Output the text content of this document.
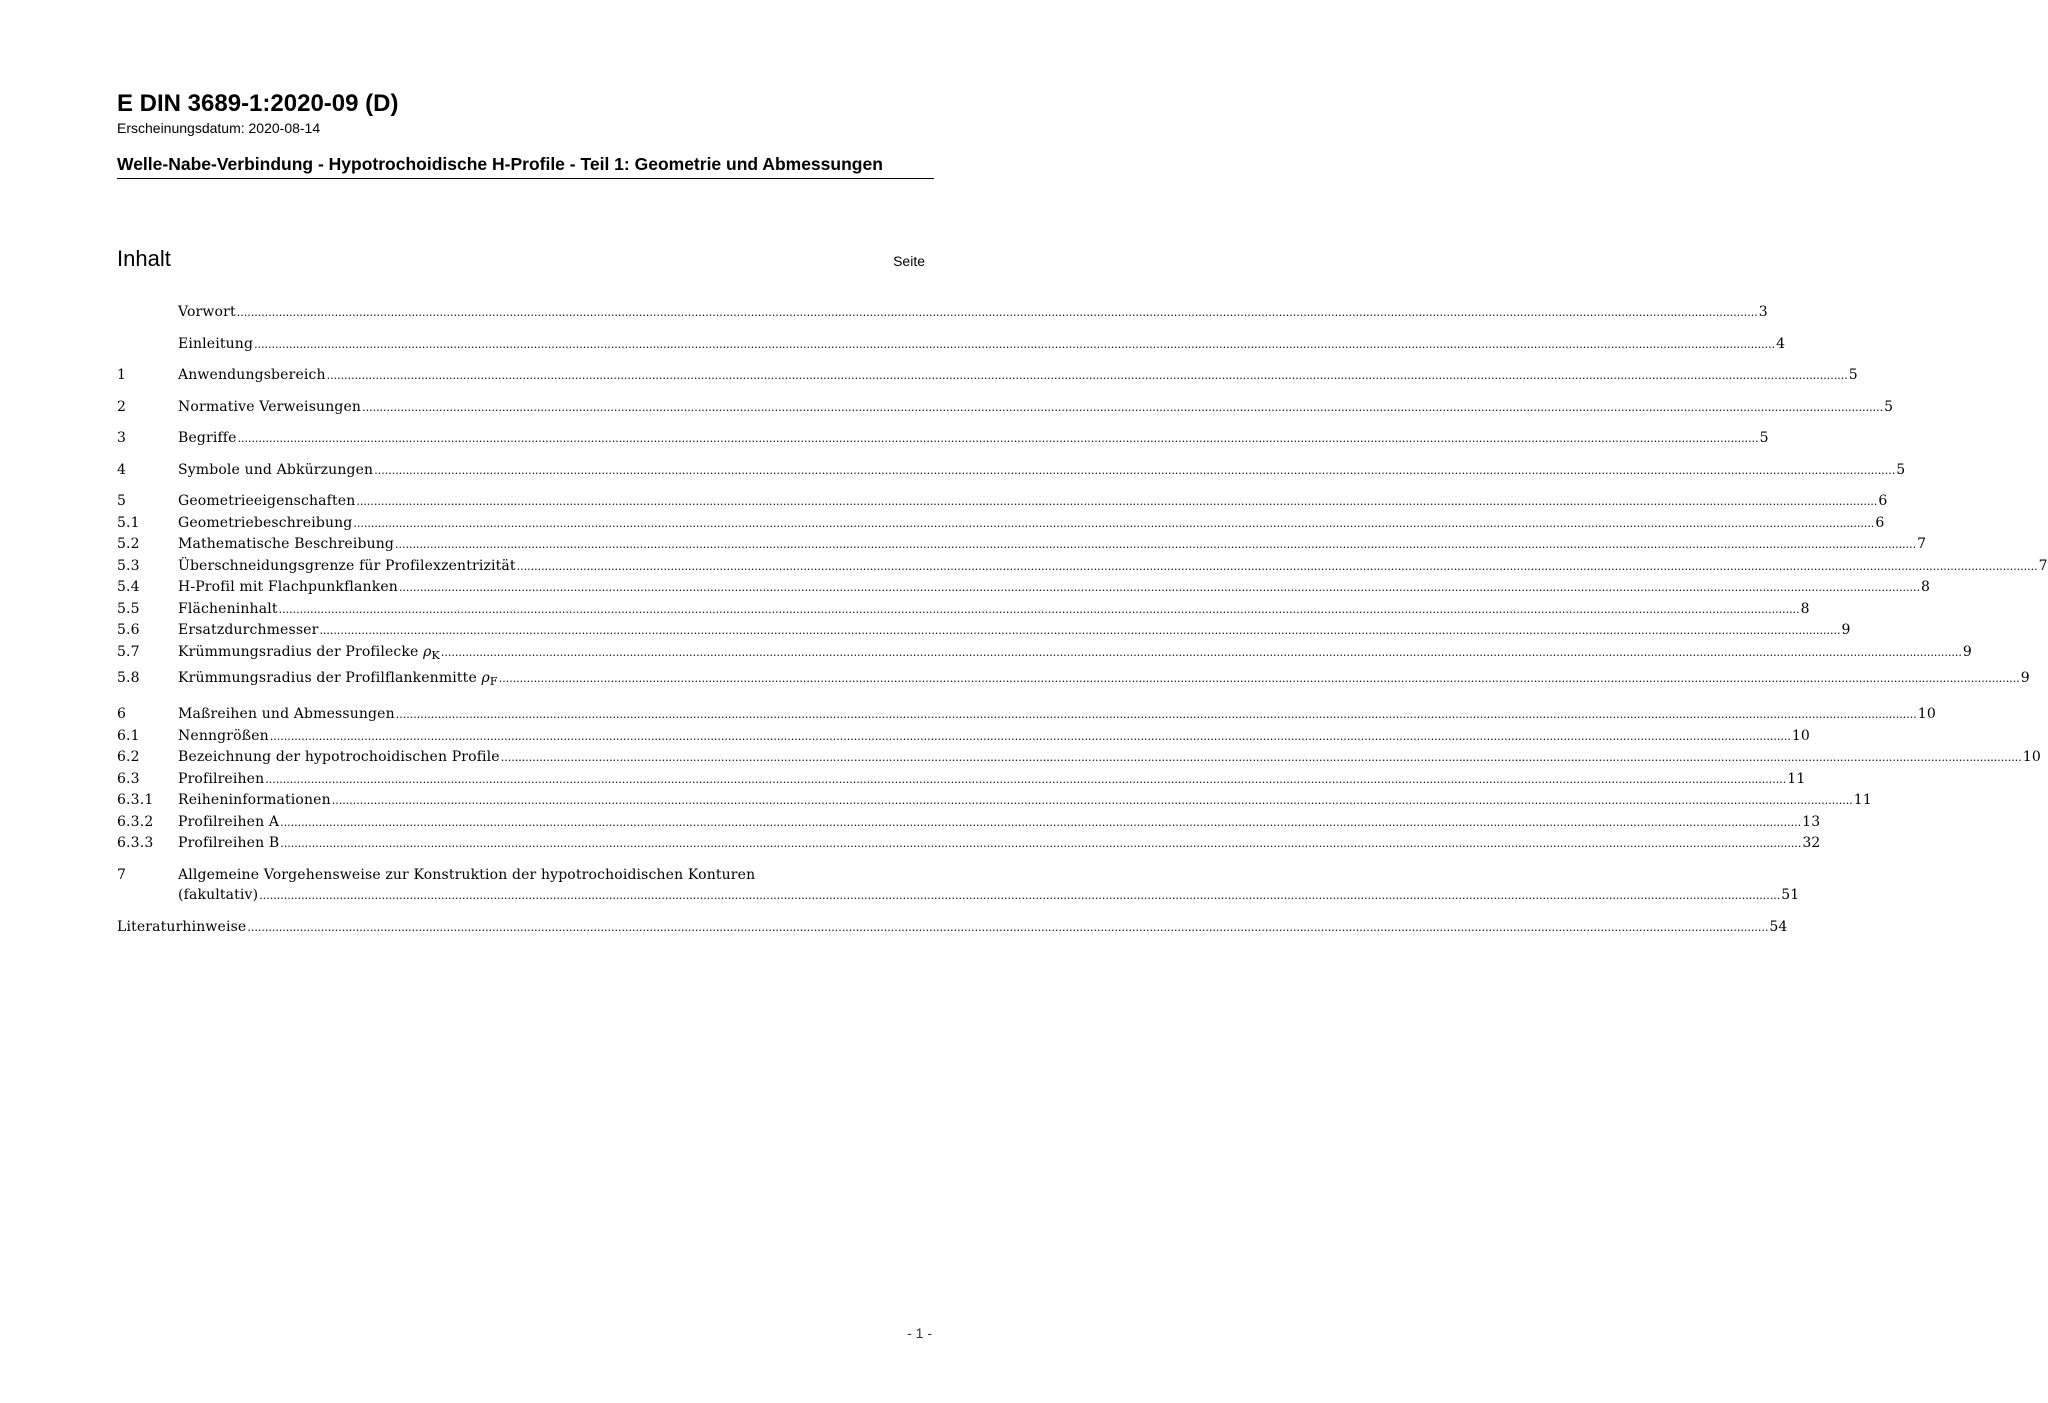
E DIN 3689-1:2020-09 (D)
Erscheinungsdatum: 2020-08-14
Welle-Nabe-Verbindung - Hypotrochoidische H-Profile - Teil 1: Geometrie und Abmessungen
Inhalt	Seite
Vorwort .....	3
Einleitung .....	4
1	Anwendungsbereich .....	5
2	Normative Verweisungen .....	5
3	Begriffe .....	5
4	Symbole und Abkürzungen .....	5
5	Geometrieeigenschaften .....	6
5.1	Geometriebeschreibung .....	6
5.2	Mathematische Beschreibung .....	7
5.3	Überschneidungsgrenze für Profilexzentrizität .....	7
5.4	H-Profil mit Flachpunkflanken .....	8
5.5	Flächeninhalt .....	8
5.6	Ersatzdurchmesser .....	9
5.7	Krümmungsradius der Profilecke $\rho_K$ .....	9
5.8	Krümmungsradius der Profilflankenmitte $\rho_F$ .....	9
6	Maßreihen und Abmessungen .....	10
6.1	Nenngrößen .....	10
6.2	Bezeichnung der hypotrochoidischen Profile .....	10
6.3	Profilreihen .....	11
6.3.1	Reiheninformationen .....	11
6.3.2	Profilreihen A .....	13
6.3.3	Profilreihen B .....	32
7	Allgemeine Vorgehensweise zur Konstruktion der hypotrochoidischen Konturen
(fakultativ) .....	51
Literaturhinweise .....	54
- 1 -
